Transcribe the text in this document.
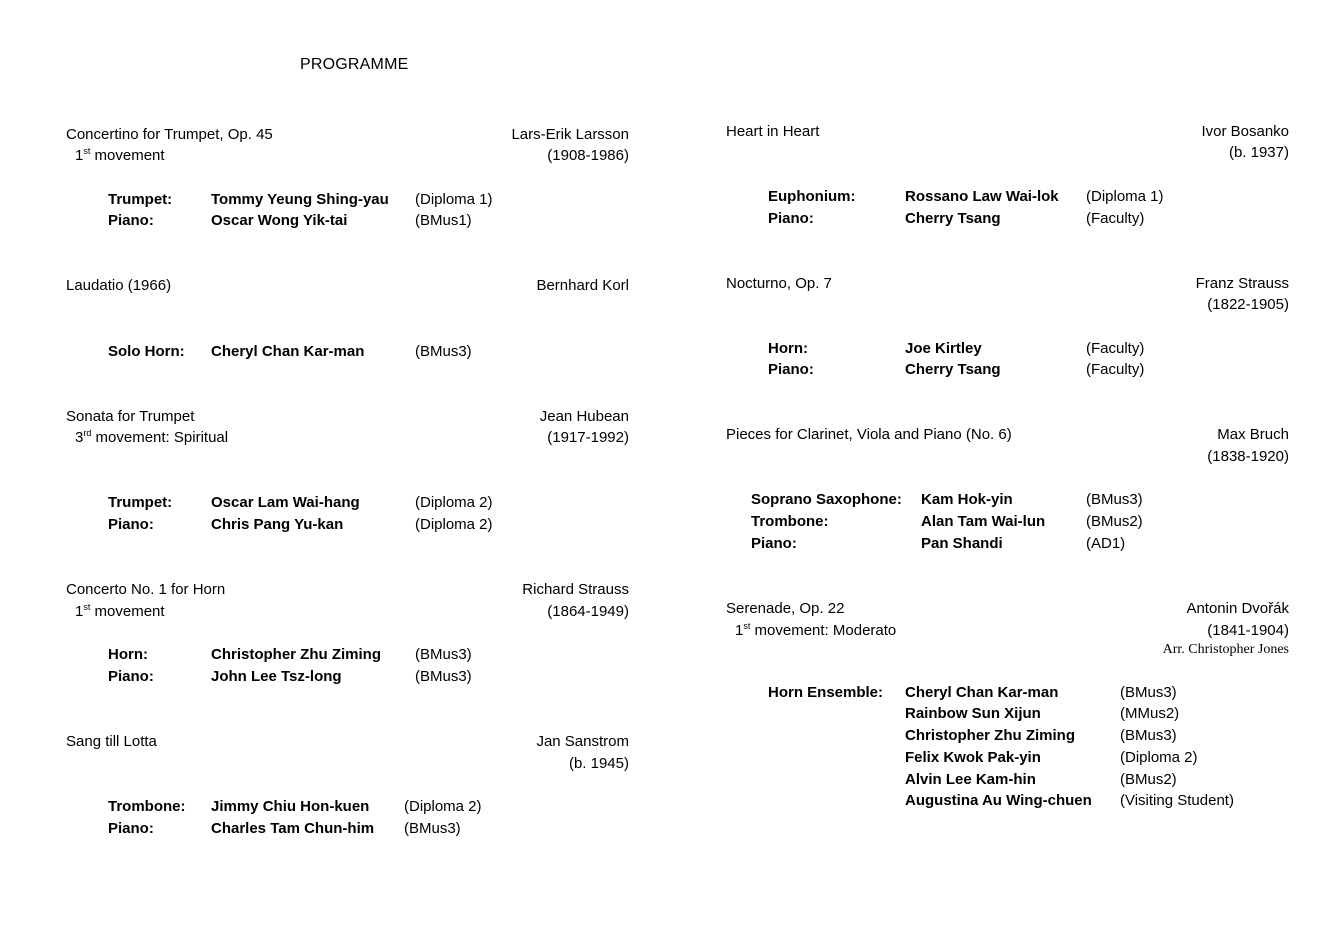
PROGRAMME
Concertino for Trumpet, Op. 45
1st movement
Lars-Erik Larsson
(1908-1986)
Trumpet:	Tommy Yeung Shing-yau (Diploma 1)
Piano:	Oscar Wong Yik-tai	(BMus1)
Laudatio (1966)	Bernhard Korl
Solo Horn: Cheryl Chan Kar-man	(BMus3)
Sonata for Trumpet
3rd movement: Spiritual
Jean Hubean
(1917-1992)
Trumpet:	Oscar Lam Wai-hang	(Diploma 2)
Piano:	Chris Pang Yu-kan	(Diploma 2)
Concerto No. 1 for Horn
1st movement
Richard Strauss
(1864-1949)
Horn:	Christopher Zhu Ziming (BMus3)
Piano:	John Lee Tsz-long	(BMus3)
Sang till Lotta	Jan Sanstrom
(b. 1945)
Trombone: Jimmy Chiu Hon-kuen (Diploma 2)
Piano:	Charles Tam Chun-him (BMus3)
Heart in Heart	Ivor Bosanko
(b. 1937)
Euphonium:	Rossano Law Wai-lok (Diploma 1)
Piano:	Cherry Tsang	(Faculty)
Nocturno, Op. 7	Franz Strauss
(1822-1905)
Horn:	Joe Kirtley	(Faculty)
Piano:	Cherry Tsang	(Faculty)
Pieces for Clarinet, Viola and Piano (No. 6)	Max Bruch
(1838-1920)
Soprano Saxophone: Kam Hok-yin	(BMus3)
Trombone:	Alan Tam Wai-lun	(BMus2)
Piano:	Pan Shandi	(AD1)
Serenade, Op. 22
1st movement: Moderato
Antonin Dvořák
(1841-1904)
Arr. Christopher Jones
Horn Ensemble: Cheryl Chan Kar-man	(BMus3)
Rainbow Sun Xijun	(MMus2)
Christopher Zhu Ziming	(BMus3)
Felix Kwok Pak-yin	(Diploma 2)
Alvin Lee Kam-hin	(BMus2)
Augustina Au Wing-chuen (Visiting Student)
